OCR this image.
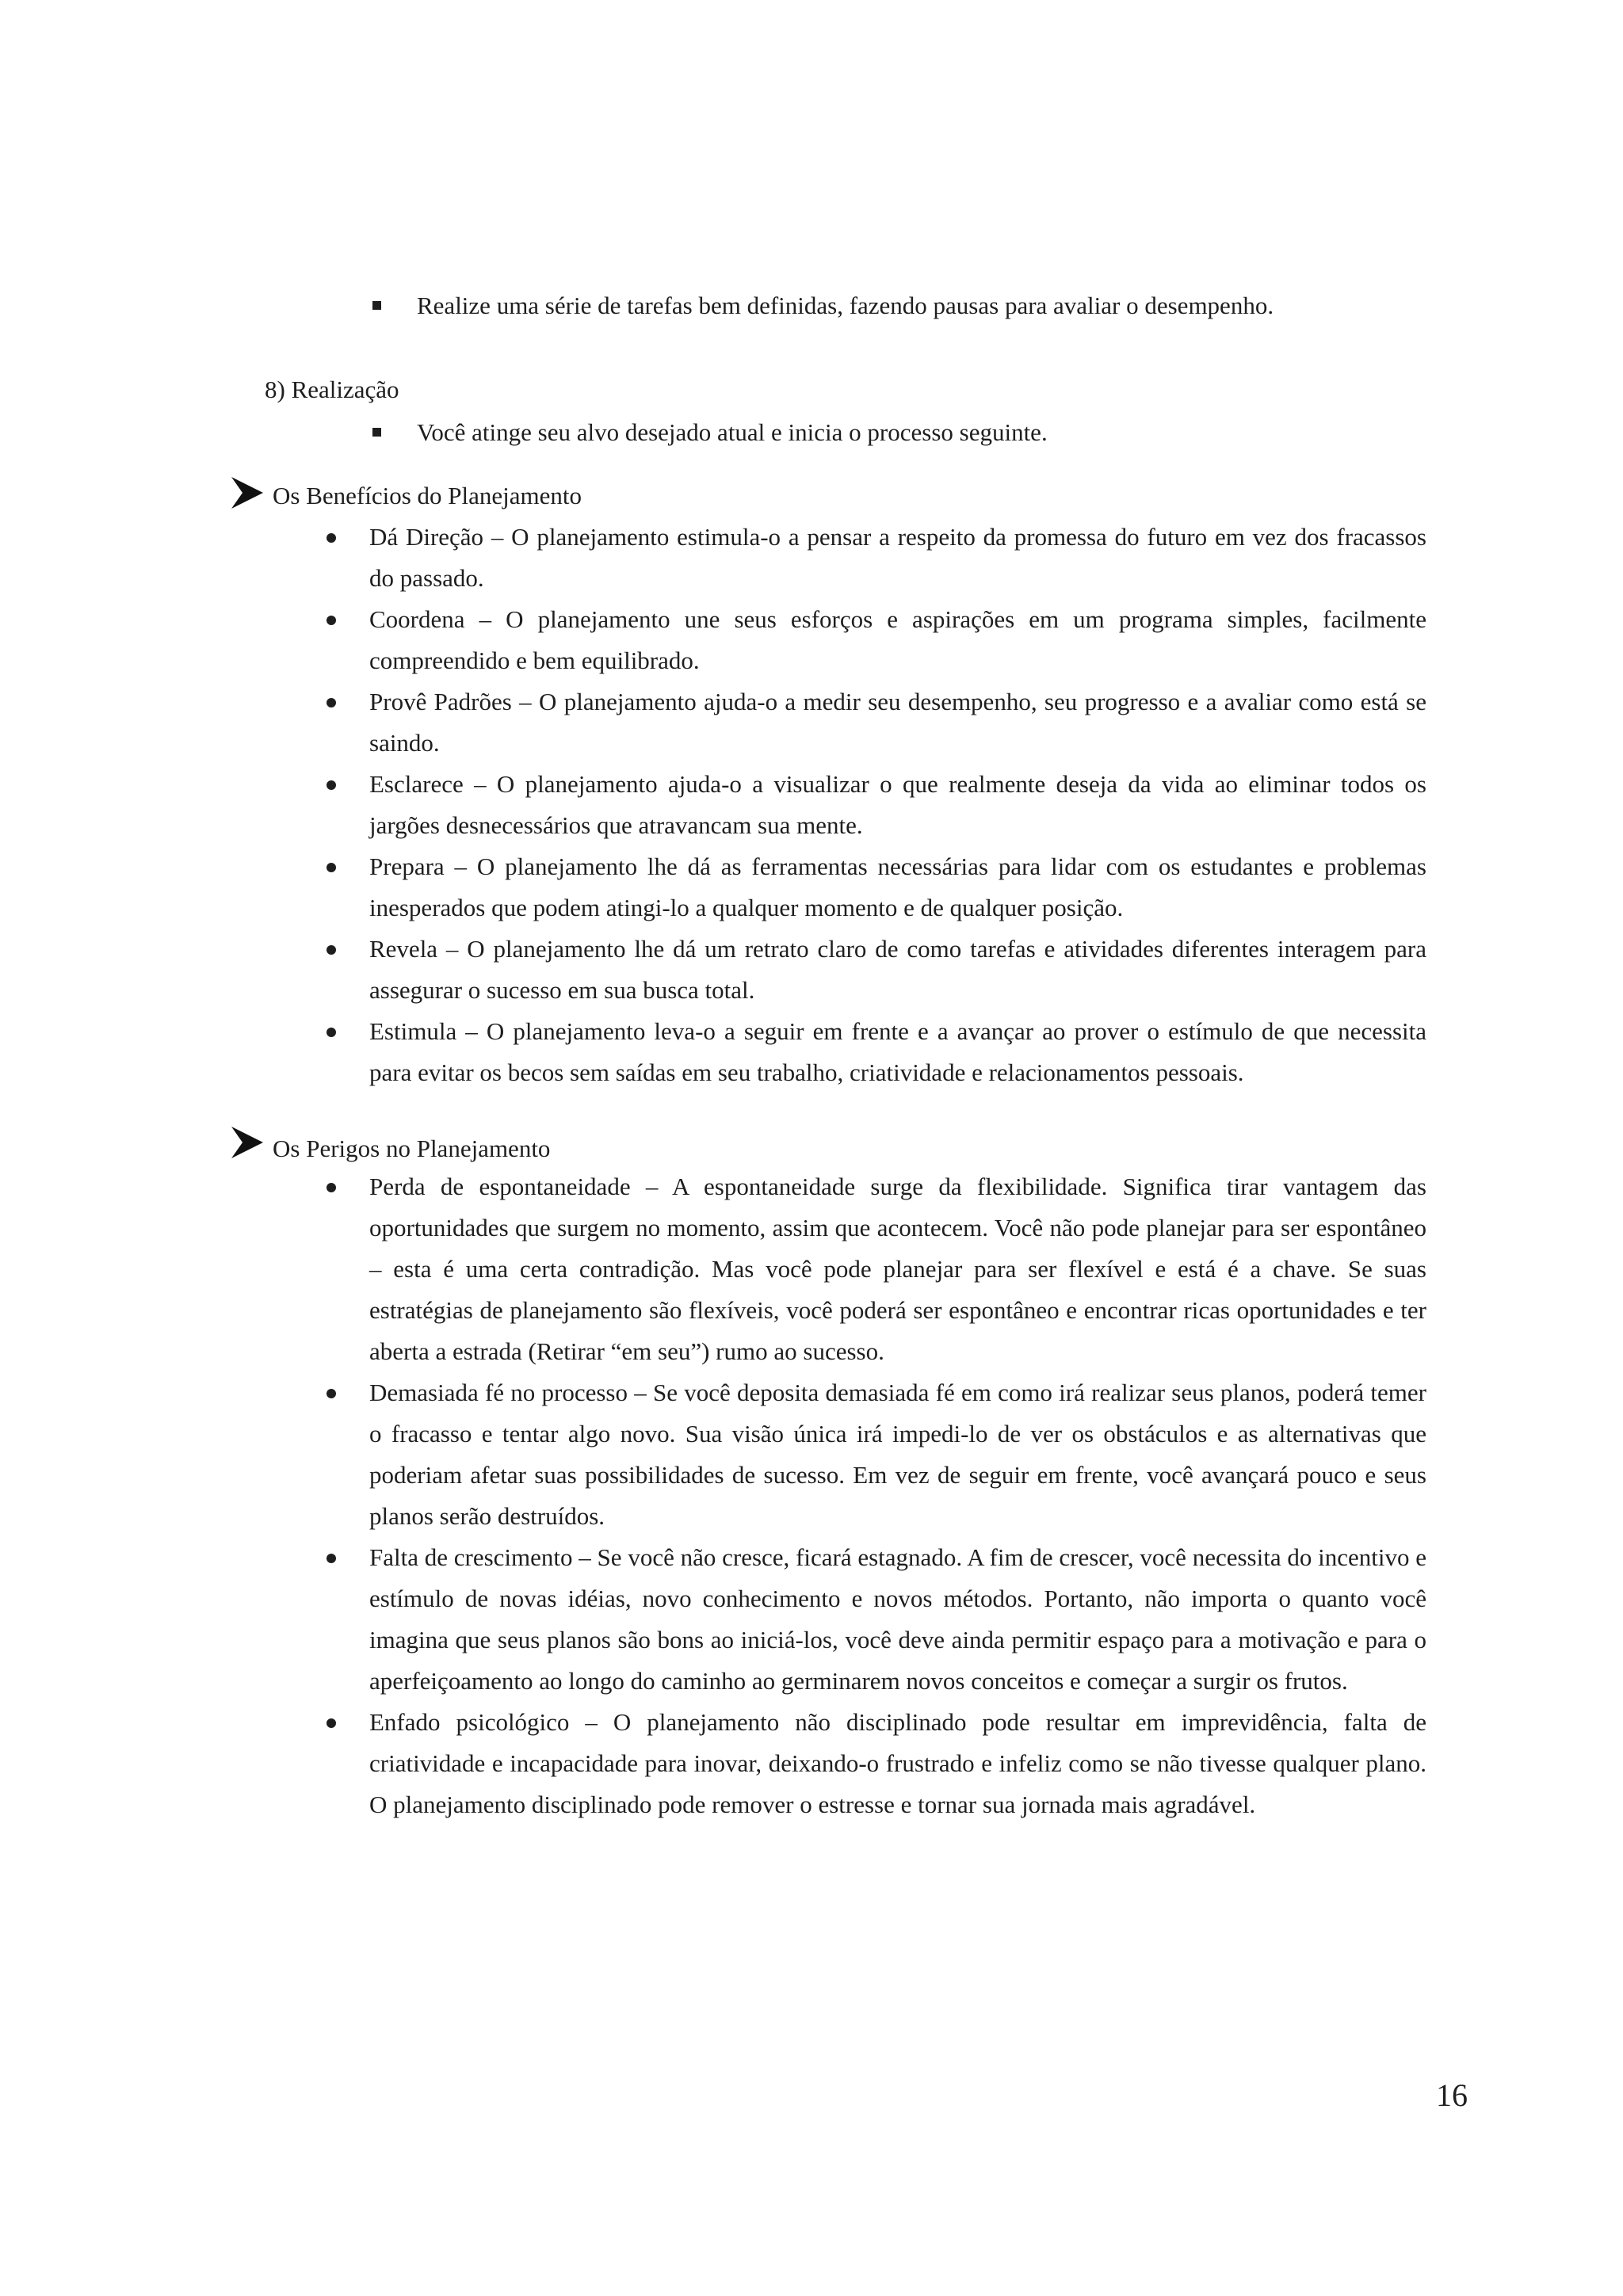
Realize uma série de tarefas bem definidas, fazendo pausas para avaliar o desempenho.
8) Realização
Você atinge seu alvo desejado atual e inicia o processo seguinte.
Os Benefícios do Planejamento

Dá Direção – O planejamento estimula-o a pensar a respeito da promessa do futuro em vez dos fracassos do passado.

Coordena – O planejamento une seus esforços e aspirações em um programa simples, facilmente compreendido e bem equilibrado.

Provê Padrões – O planejamento ajuda-o a medir seu desempenho, seu progresso e a avaliar como está se saindo.

Esclarece – O planejamento ajuda-o a visualizar o que realmente deseja da vida ao eliminar todos os jargões desnecessários que atravancam sua mente.

Prepara – O planejamento lhe dá as ferramentas necessárias para lidar com os estudantes e problemas inesperados que podem atingi-lo a qualquer momento e de qualquer posição.

Revela – O planejamento lhe dá um retrato claro de como tarefas e atividades diferentes interagem para assegurar o sucesso em sua busca total.

Estimula – O planejamento leva-o a seguir em frente e a avançar ao prover o estímulo de que necessita para evitar os becos sem saídas em seu trabalho, criatividade e relacionamentos pessoais.

Os Perigos no Planejamento

Perda de espontaneidade – A espontaneidade surge da flexibilidade. Significa tirar vantagem das oportunidades que surgem no momento, assim que acontecem. Você não pode planejar para ser espontâneo – esta é uma certa contradição. Mas você pode planejar para ser flexível e está é a chave. Se suas estratégias de planejamento são flexíveis, você poderá ser espontâneo e encontrar ricas oportunidades e ter aberta a estrada (Retirar “em seu”) rumo ao sucesso.

Demasiada fé no processo – Se você deposita demasiada fé em como irá realizar seus planos, poderá temer o fracasso e tentar algo novo. Sua visão única irá impedi-lo de ver os obstáculos e as alternativas que poderiam afetar suas possibilidades de sucesso. Em vez de seguir em frente, você avançará pouco e seus planos serão destruídos.

Falta de crescimento – Se você não cresce, ficará estagnado. A fim de crescer, você necessita do incentivo e estímulo de novas idéias, novo conhecimento e novos métodos. Portanto, não importa o quanto você imagina que seus planos são bons ao iniciá-los, você deve ainda permitir espaço para a motivação e para o aperfeiçoamento ao longo do caminho ao germinarem novos conceitos e começar a surgir os frutos.

Enfado psicológico – O planejamento não disciplinado pode resultar em imprevidência, falta de criatividade e incapacidade para inovar, deixando-o frustrado e infeliz como se não tivesse qualquer plano. O planejamento disciplinado pode remover o estresse e tornar sua jornada mais agradável.

16
